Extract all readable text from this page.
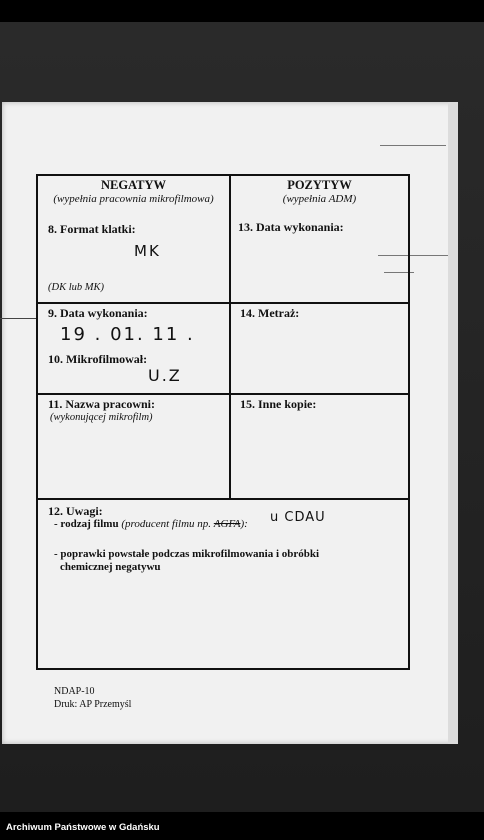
NEGATYW
(wypełnia pracownia mikrofilmowa)
POZYTYW
(wypełnia ADM)
8. Format klatki:
MK
(DK lub MK)
13. Data wykonania:
9. Data wykonania:
19 . 01. 11 .
10. Mikrofilmował:
U.Z
14. Metraż:
11. Nazwa pracowni:
(wykonującej mikrofilm)
15. Inne kopie:
12. Uwagi:
- rodzaj filmu (producent filmu np. AGFA): u CDAU
- poprawki powstałe podczas mikrofilmowania i obróbki
chemicznej negatywu
NDAP-10
Druk: AP Przemyśl
Archiwum Państwowe w Gdańsku
